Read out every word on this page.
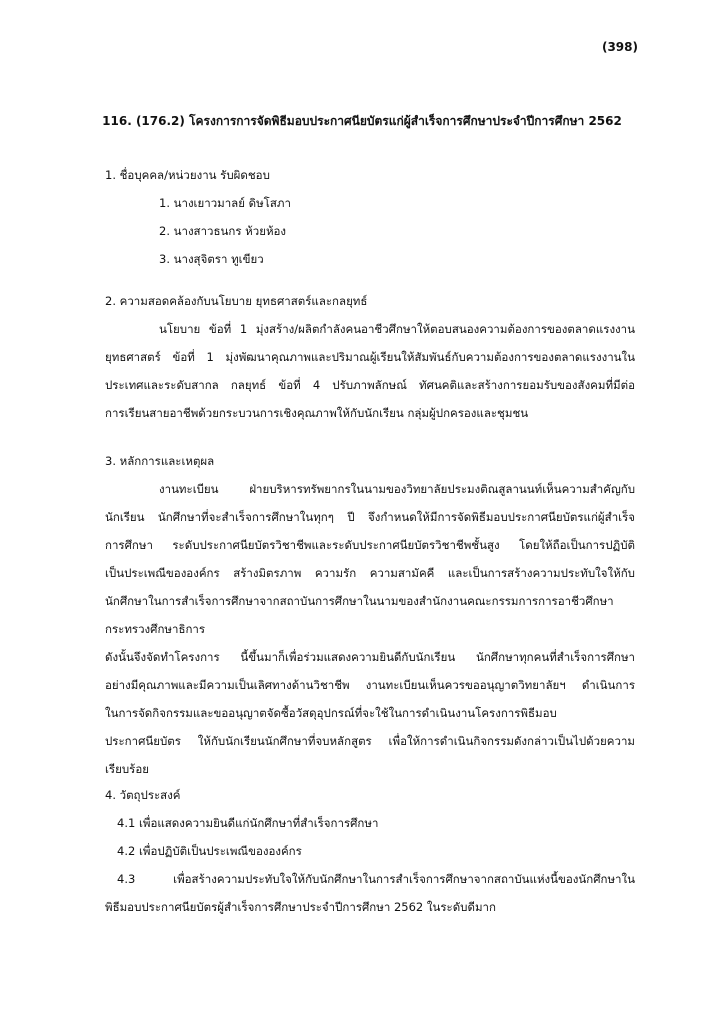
(398)
116. (176.2) โครงการการจัดพิธีมอบประกาศนียบัตรแก่ผู้สำเร็จการศึกษาประจำปีการศึกษา 2562
1. ชื่อบุคคล/หน่วยงาน รับผิดชอบ
1. นางเยาวมาลย์ ดิษโสภา
2. นางสาวธนกร ห้วยห้อง
3. นางสุจิตรา ทูเขียว
2. ความสอดคล้องกับนโยบาย ยุทธศาสตร์และกลยุทธ์
นโยบาย ข้อที่ 1 มุ่งสร้าง/ผลิตกำลังคนอาชีวศึกษาให้ตอบสนองความต้องการของตลาดแรงงาน
ยุทธศาสตร์ ข้อที่ 1 มุ่งพัฒนาคุณภาพและปริมาณผู้เรียนให้สัมพันธ์กับความต้องการของตลาดแรงงานใน
ประเทศและระดับสากล กลยุทธ์ ข้อที่ 4 ปรับภาพลักษณ์ ทัศนคติและสร้างการยอมรับของสังคมที่มีต่อ
การเรียนสายอาชีพด้วยกระบวนการเชิงคุณภาพให้กับนักเรียน กลุ่มผู้ปกครองและชุมชน
3. หลักการและเหตุผล
งานทะเบียน ฝ่ายบริหารทรัพยากรในนามของวิทยาลัยประมงติณสูลานนท์เห็นความสำคัญกับ
นักเรียน นักศึกษาที่จะสำเร็จการศึกษาในทุกๆ ปี จึงกำหนดให้มีการจัดพิธีมอบประกาศนียบัตรแก่ผู้สำเร็จ
การศึกษา ระดับประกาศนียบัตรวิชาชีพและระดับประกาศนียบัตรวิชาชีพชั้นสูง โดยให้ถือเป็นการปฏิบัติ
เป็นประเพณีขององค์กร สร้างมิตรภาพ ความรัก ความสามัคคี และเป็นการสร้างความประทับใจให้กับ
นักศึกษาในการสำเร็จการศึกษาจากสถาบันการศึกษาในนามของสำนักงานคณะกรรมการการอาชีวศึกษา
กระทรวงศึกษาธิการ
ดังนั้นจึงจัดทำโครงการ นี้ขึ้นมาก็เพื่อร่วมแสดงความยินดีกับนักเรียน นักศึกษาทุกคนที่สำเร็จการศึกษา
อย่างมีคุณภาพและมีความเป็นเลิศทางด้านวิชาชีพ งานทะเบียนเห็นควรขออนุญาตวิทยาลัยฯ ดำเนินการ
ในการจัดกิจกรรมและขออนุญาตจัดซื้อวัสดุอุปกรณ์ที่จะใช้ในการดำเนินงานโครงการพิธีมอบ
ประกาศนียบัตร ให้กับนักเรียนนักศึกษาที่จบหลักสูตร เพื่อให้การดำเนินกิจกรรมดังกล่าวเป็นไปด้วยความ
เรียบร้อย
4. วัตถุประสงค์
4.1 เพื่อแสดงความยินดีแก่นักศึกษาที่สำเร็จการศึกษา
4.2 เพื่อปฏิบัติเป็นประเพณีขององค์กร
4.3 เพื่อสร้างความประทับใจให้กับนักศึกษาในการสำเร็จการศึกษาจากสถาบันแห่งนี้ของนักศึกษาใน
พิธีมอบประกาศนียบัตรผู้สำเร็จการศึกษาประจำปีการศึกษา 2562 ในระดับดีมาก
